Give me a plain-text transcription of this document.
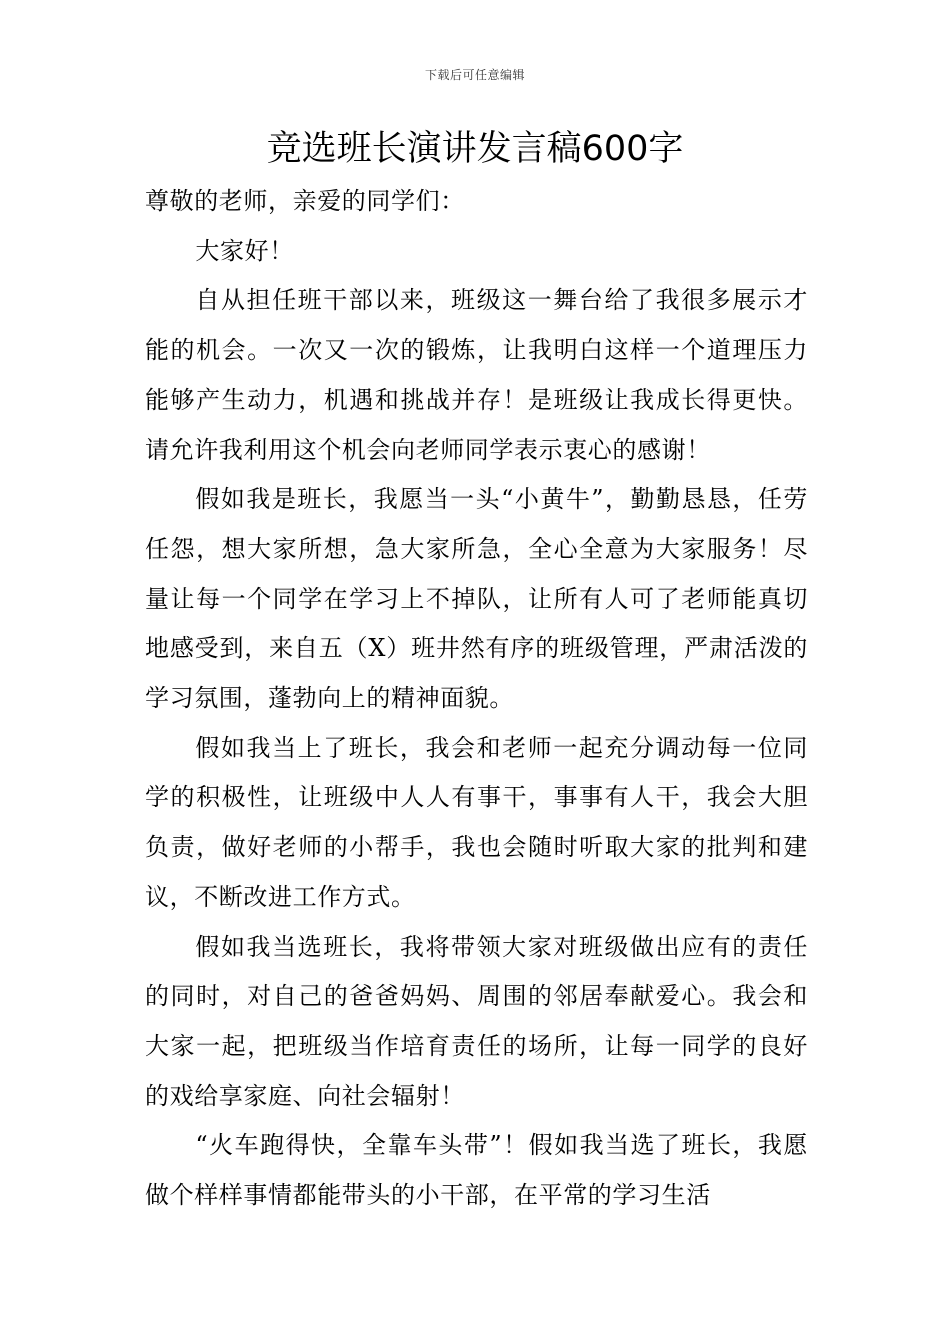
下载后可任意编辑
竞选班长演讲发言稿600字

尊敬的老师，亲爱的同学们：

大家好！

自从担任班干部以来，班级这一舞台给了我很多展示才能的机会。一次又一次的锻炼，让我明白这样一个道理压力能够产生动力，机遇和挑战并存！是班级让我成长得更快。请允许我利用这个机会向老师同学表示衷心的感谢！

假如我是班长，我愿当一头“小黄牛”，勤勤恳恳，任劳任怨，想大家所想，急大家所急，全心全意为大家服务！尽量让每一个同学在学习上不掉队，让所有人可了老师能真切地感受到，来自五（X）班井然有序的班级管理，严肃活泼的学习氛围，蓬勃向上的精神面貌。

假如我当上了班长，我会和老师一起充分调动每一位同学的积极性，让班级中人人有事干，事事有人干，我会大胆负责，做好老师的小帮手，我也会随时听取大家的批判和建议，不断改进工作方式。

假如我当选班长，我将带领大家对班级做出应有的责任的同时，对自己的爸爸妈妈、周围的邻居奉献爱心。我会和大家一起，把班级当作培育责任的场所，让每一同学的良好的戏给享家庭、向社会辐射！

“火车跑得快，全靠车头带”！假如我当选了班长，我愿做个样样事情都能带头的小干部，在平常的学习生活
